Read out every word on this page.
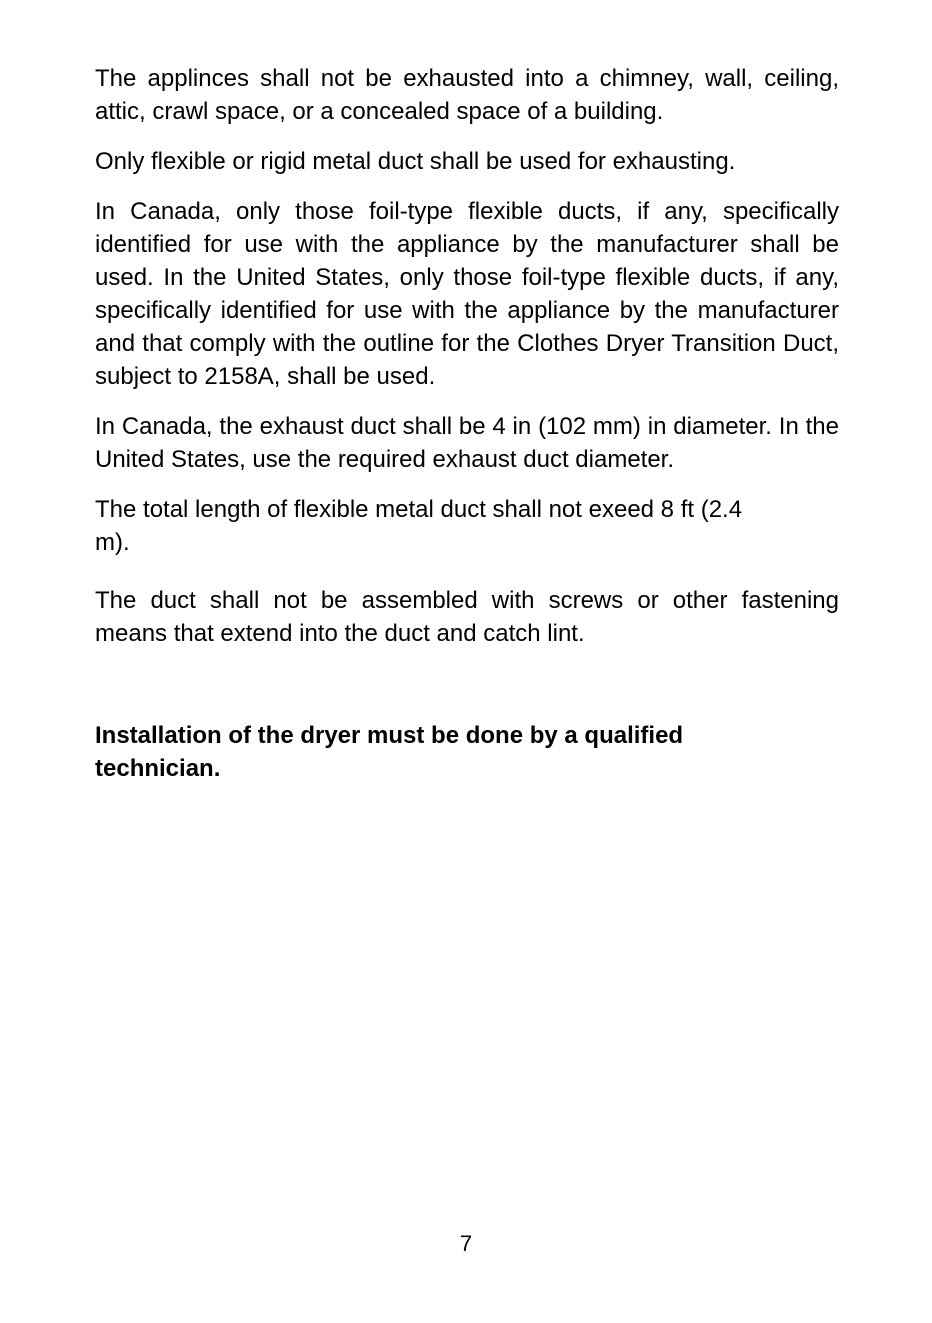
The applinces shall not be exhausted into a chimney, wall, ceiling, attic, crawl space, or a concealed space of a building.

Only flexible or rigid metal duct shall be used for exhausting.

In Canada, only those foil-type flexible ducts, if any, specifically identified for use with the appliance by the manufacturer shall be used. In the United States, only those foil-type flexible ducts, if any, specifically identified for use with the appliance by the manufacturer and that comply with the outline for the Clothes Dryer Transition Duct, subject to 2158A, shall be used.

In Canada, the exhaust duct shall be 4 in (102 mm) in diameter. In the United States, use the required exhaust duct diameter.

The total length of flexible metal duct shall not exeed 8 ft (2.4 m).

The duct shall not be assembled with screws or other fastening means that extend into the duct and catch lint.

Installation of the dryer must be done by a qualified technician.

7
